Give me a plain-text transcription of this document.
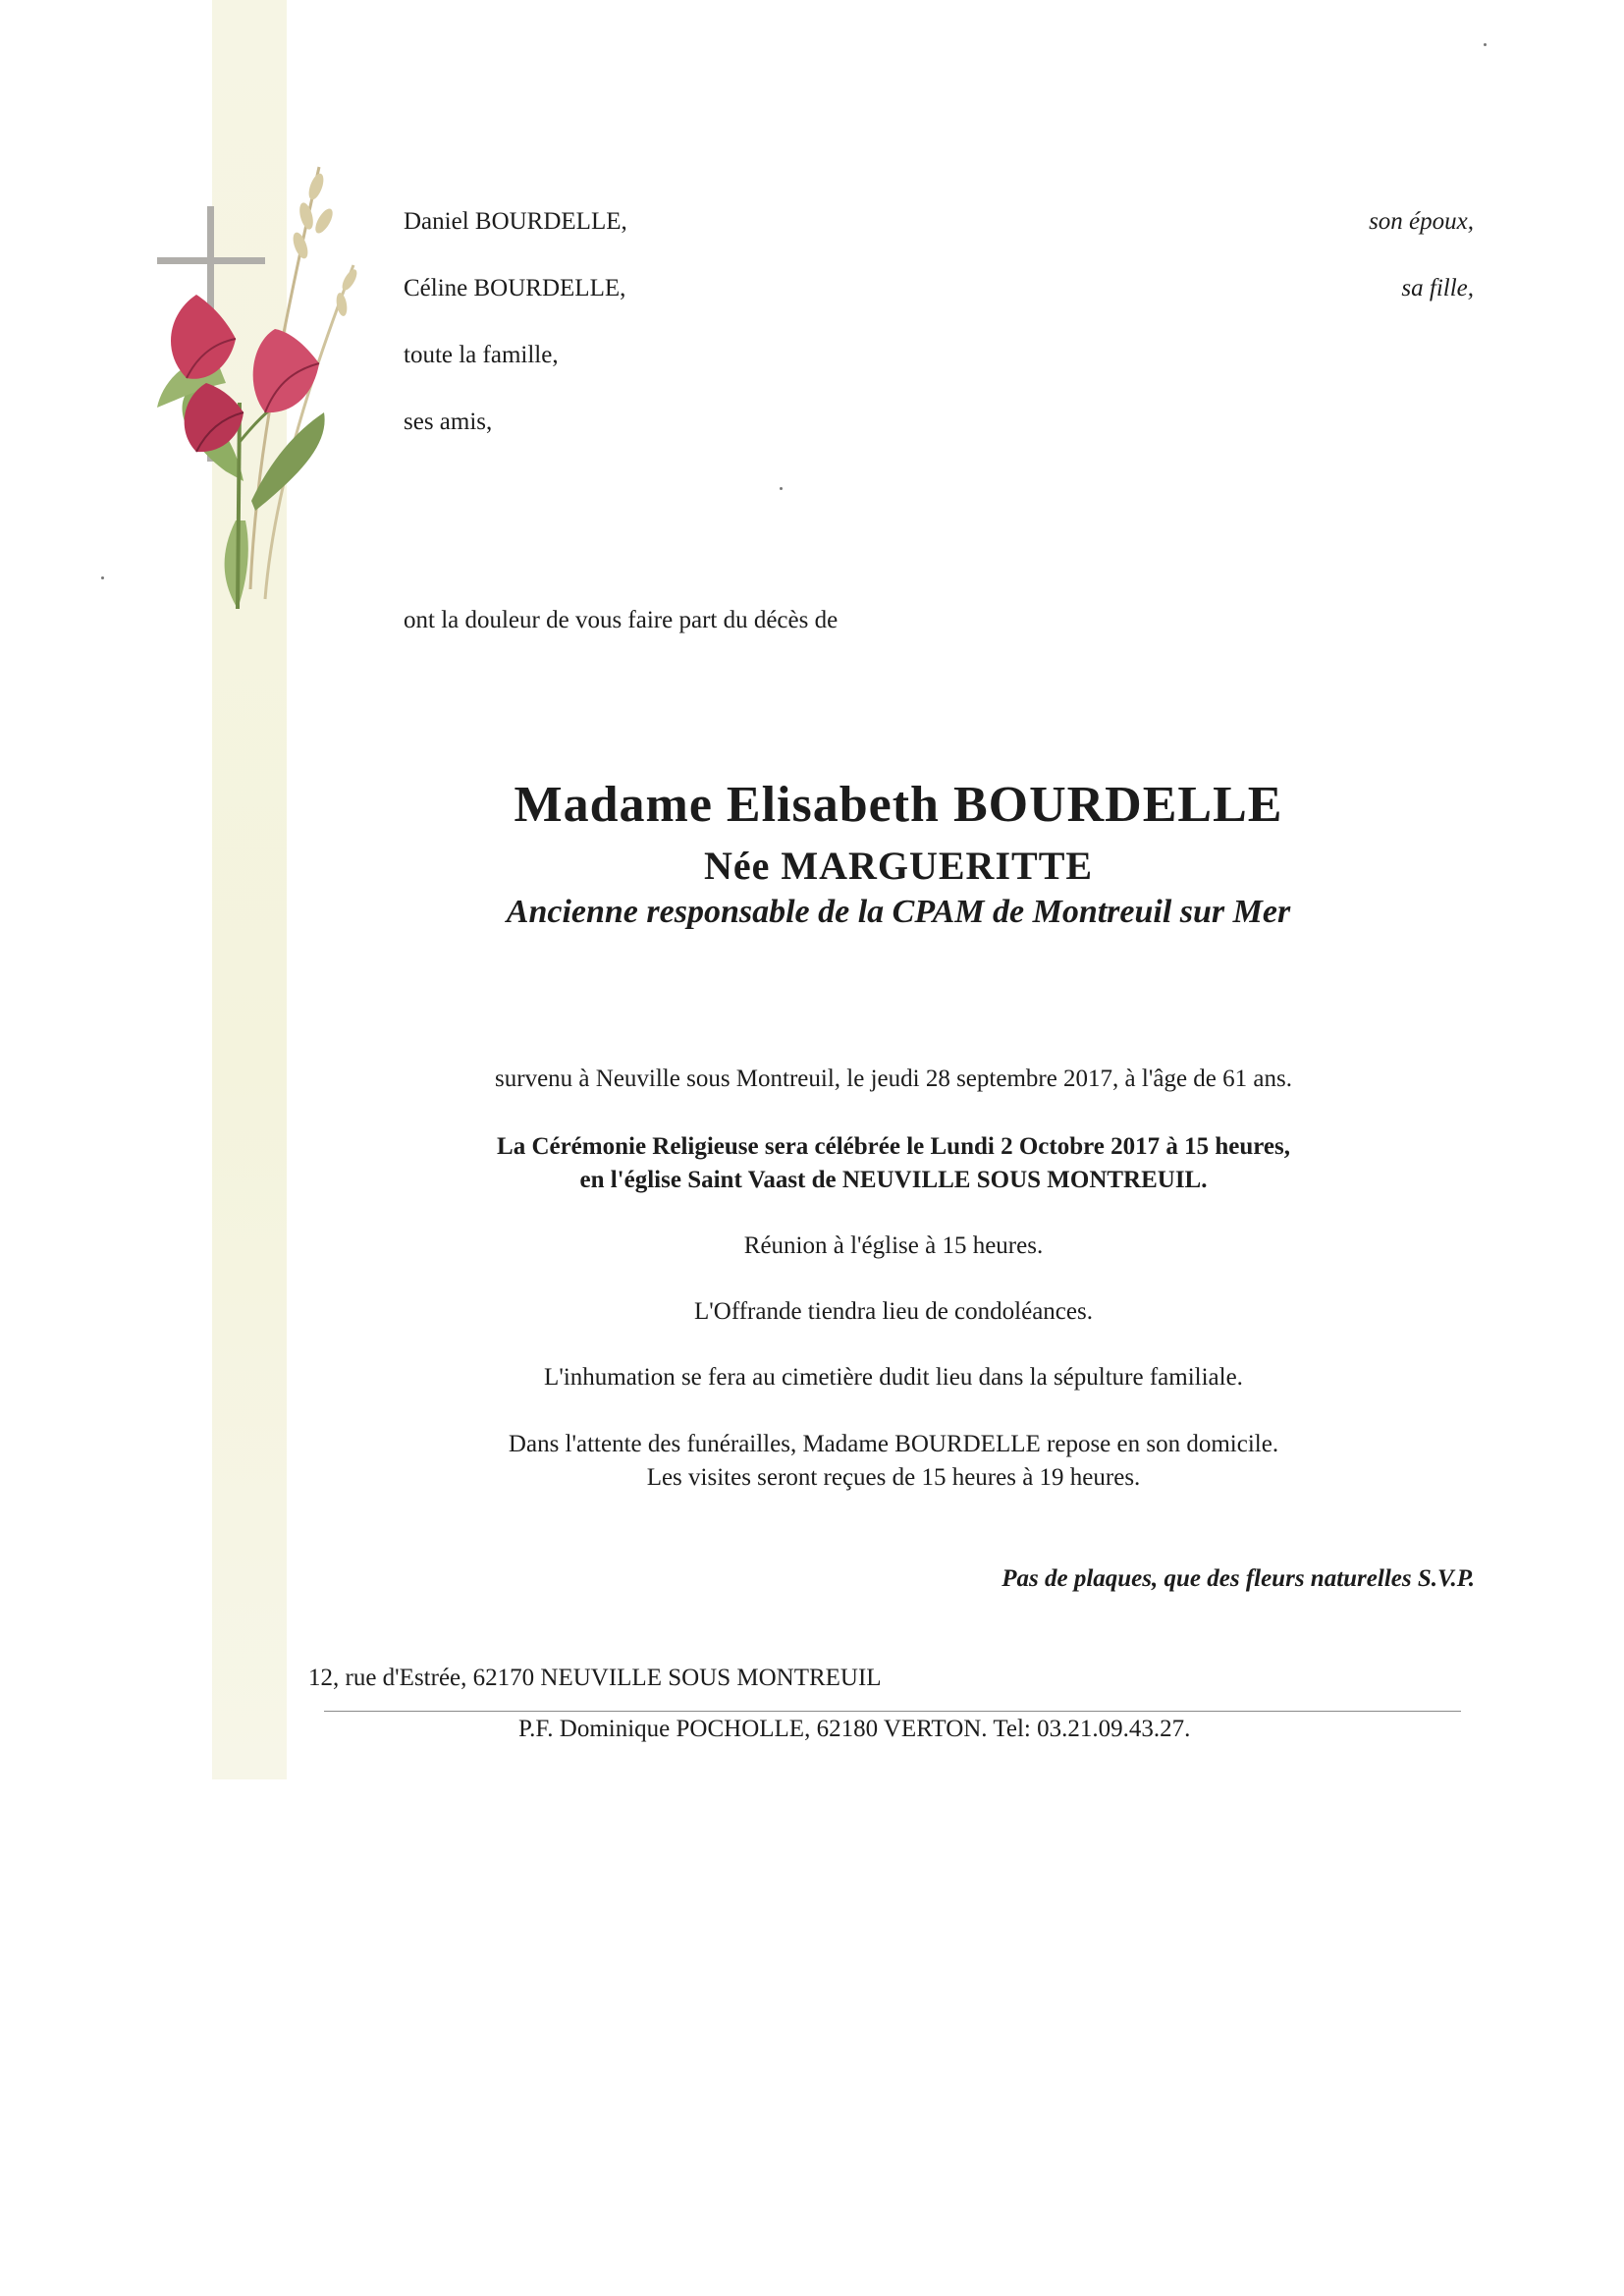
Daniel BOURDELLE,	son époux,
Céline BOURDELLE,	sa fille,
toute la famille,
ses amis,
ont la douleur de vous faire part du décès de
Madame Elisabeth BOURDELLE
Née MARGUERITTE
Ancienne responsable de la CPAM de Montreuil sur Mer
survenu à Neuville sous Montreuil, le jeudi 28 septembre 2017, à l'âge de 61 ans.
La Cérémonie Religieuse sera célébrée le Lundi 2 Octobre 2017 à 15 heures,
en l'église Saint Vaast de NEUVILLE SOUS MONTREUIL.
Réunion à l'église à 15 heures.
L'Offrande tiendra lieu de condoléances.
L'inhumation se fera au cimetière dudit lieu dans la sépulture familiale.
Dans l'attente des funérailles, Madame BOURDELLE repose en son domicile.
Les visites seront reçues de 15 heures à 19 heures.
Pas de plaques, que des fleurs naturelles S.V.P.
12, rue d'Estrée, 62170 NEUVILLE SOUS MONTREUIL
P.F. Dominique POCHOLLE, 62180 VERTON. Tel: 03.21.09.43.27.
